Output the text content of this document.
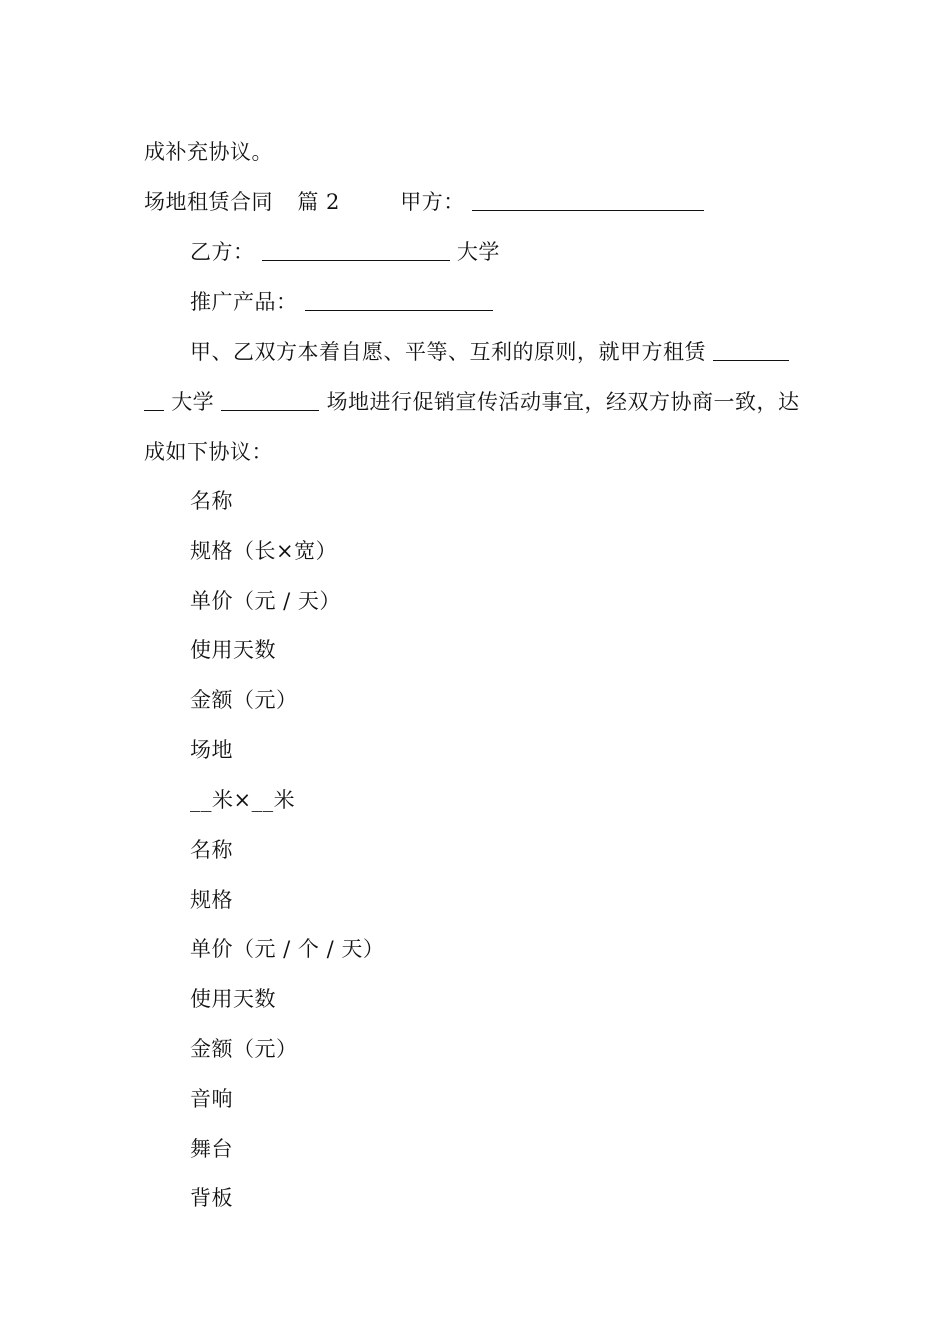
成补充协议。
场地租赁合同 篇 2	甲方：
乙方：	大学
推广产品：
甲、乙双方本着自愿、平等、互利的原则，就甲方租赁
大学	场地进行促销宣传活动事宜，经双方协商一致，达
成如下协议：
名称
规格（长×宽）
单价（元 / 天）
使用天数
金额（元）
场地
__米×__米
名称
规格
单价（元 / 个 / 天）
使用天数
金额（元）
音响
舞台
背板
